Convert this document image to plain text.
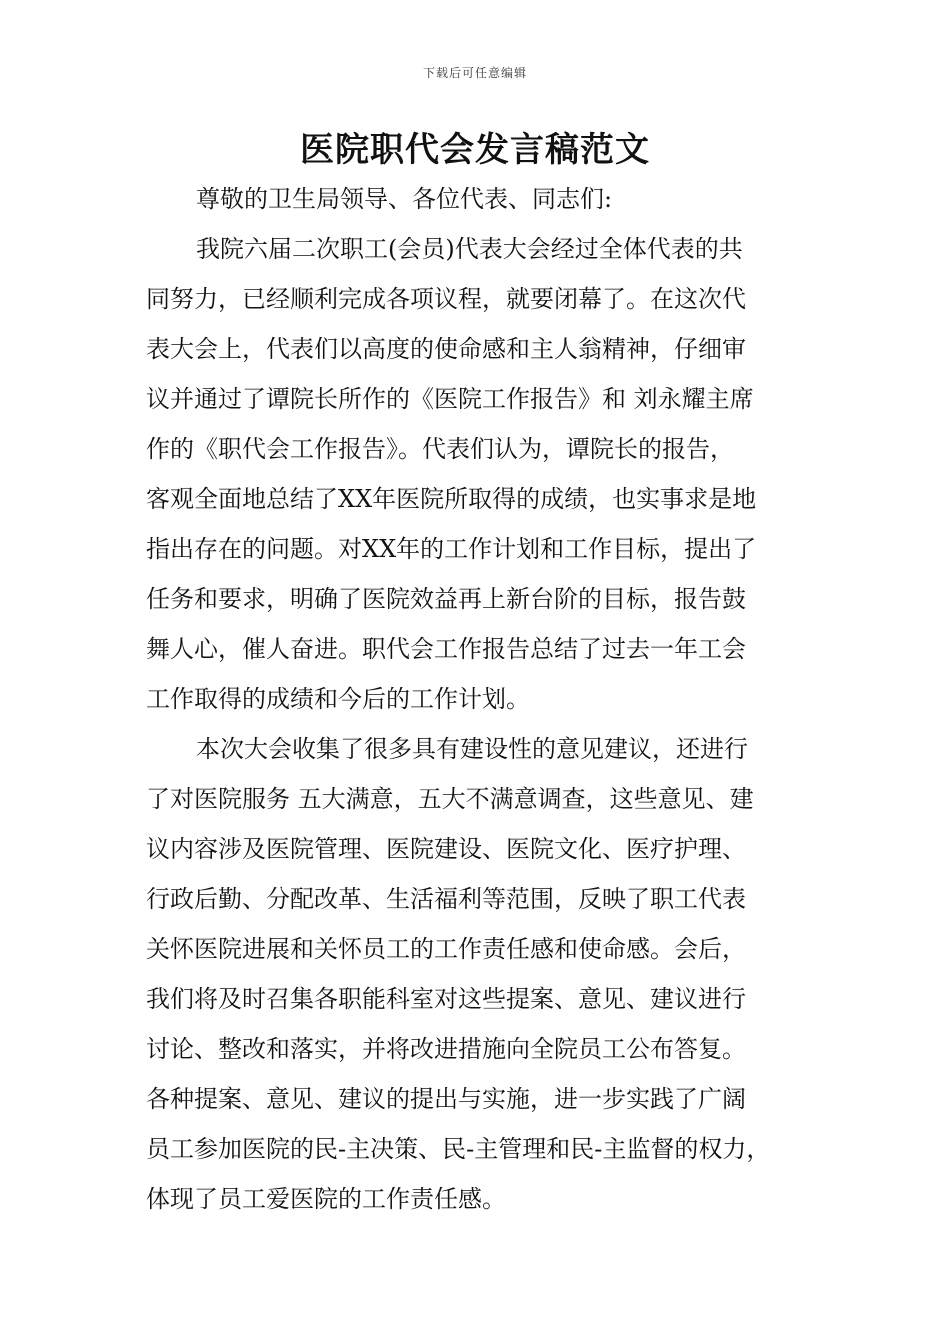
下载后可任意编辑
医院职代会发言稿范文

尊敬的卫生局领导、各位代表、同志们:

我院六届二次职工(会员)代表大会经过全体代表的共
同努力，已经顺利完成各项议程，就要闭幕了。在这次代
表大会上，代表们以高度的使命感和主人翁精神，仔细审
议并通过了谭院长所作的《医院工作报告》和 刘永耀主席
作的《职代会工作报告》。代表们认为，谭院长的报告，
客观全面地总结了XX年医院所取得的成绩，也实事求是地
指出存在的问题。对XX年的工作计划和工作目标，提出了
任务和要求，明确了医院效益再上新台阶的目标，报告鼓
舞人心，催人奋进。职代会工作报告总结了过去一年工会
工作取得的成绩和今后的工作计划。

本次大会收集了很多具有建设性的意见建议，还进行
了对医院服务 五大满意，五大不满意调查，这些意见、建
议内容涉及医院管理、医院建设、医院文化、医疗护理、
行政后勤、分配改革、生活福利等范围，反映了职工代表
关怀医院进展和关怀员工的工作责任感和使命感。会后，
我们将及时召集各职能科室对这些提案、意见、建议进行
讨论、整改和落实，并将改进措施向全院员工公布答复。
各种提案、意见、建议的提出与实施，进一步实践了广阔
员工参加医院的民-主决策、民-主管理和民-主监督的权力，
体现了员工爱医院的工作责任感。
